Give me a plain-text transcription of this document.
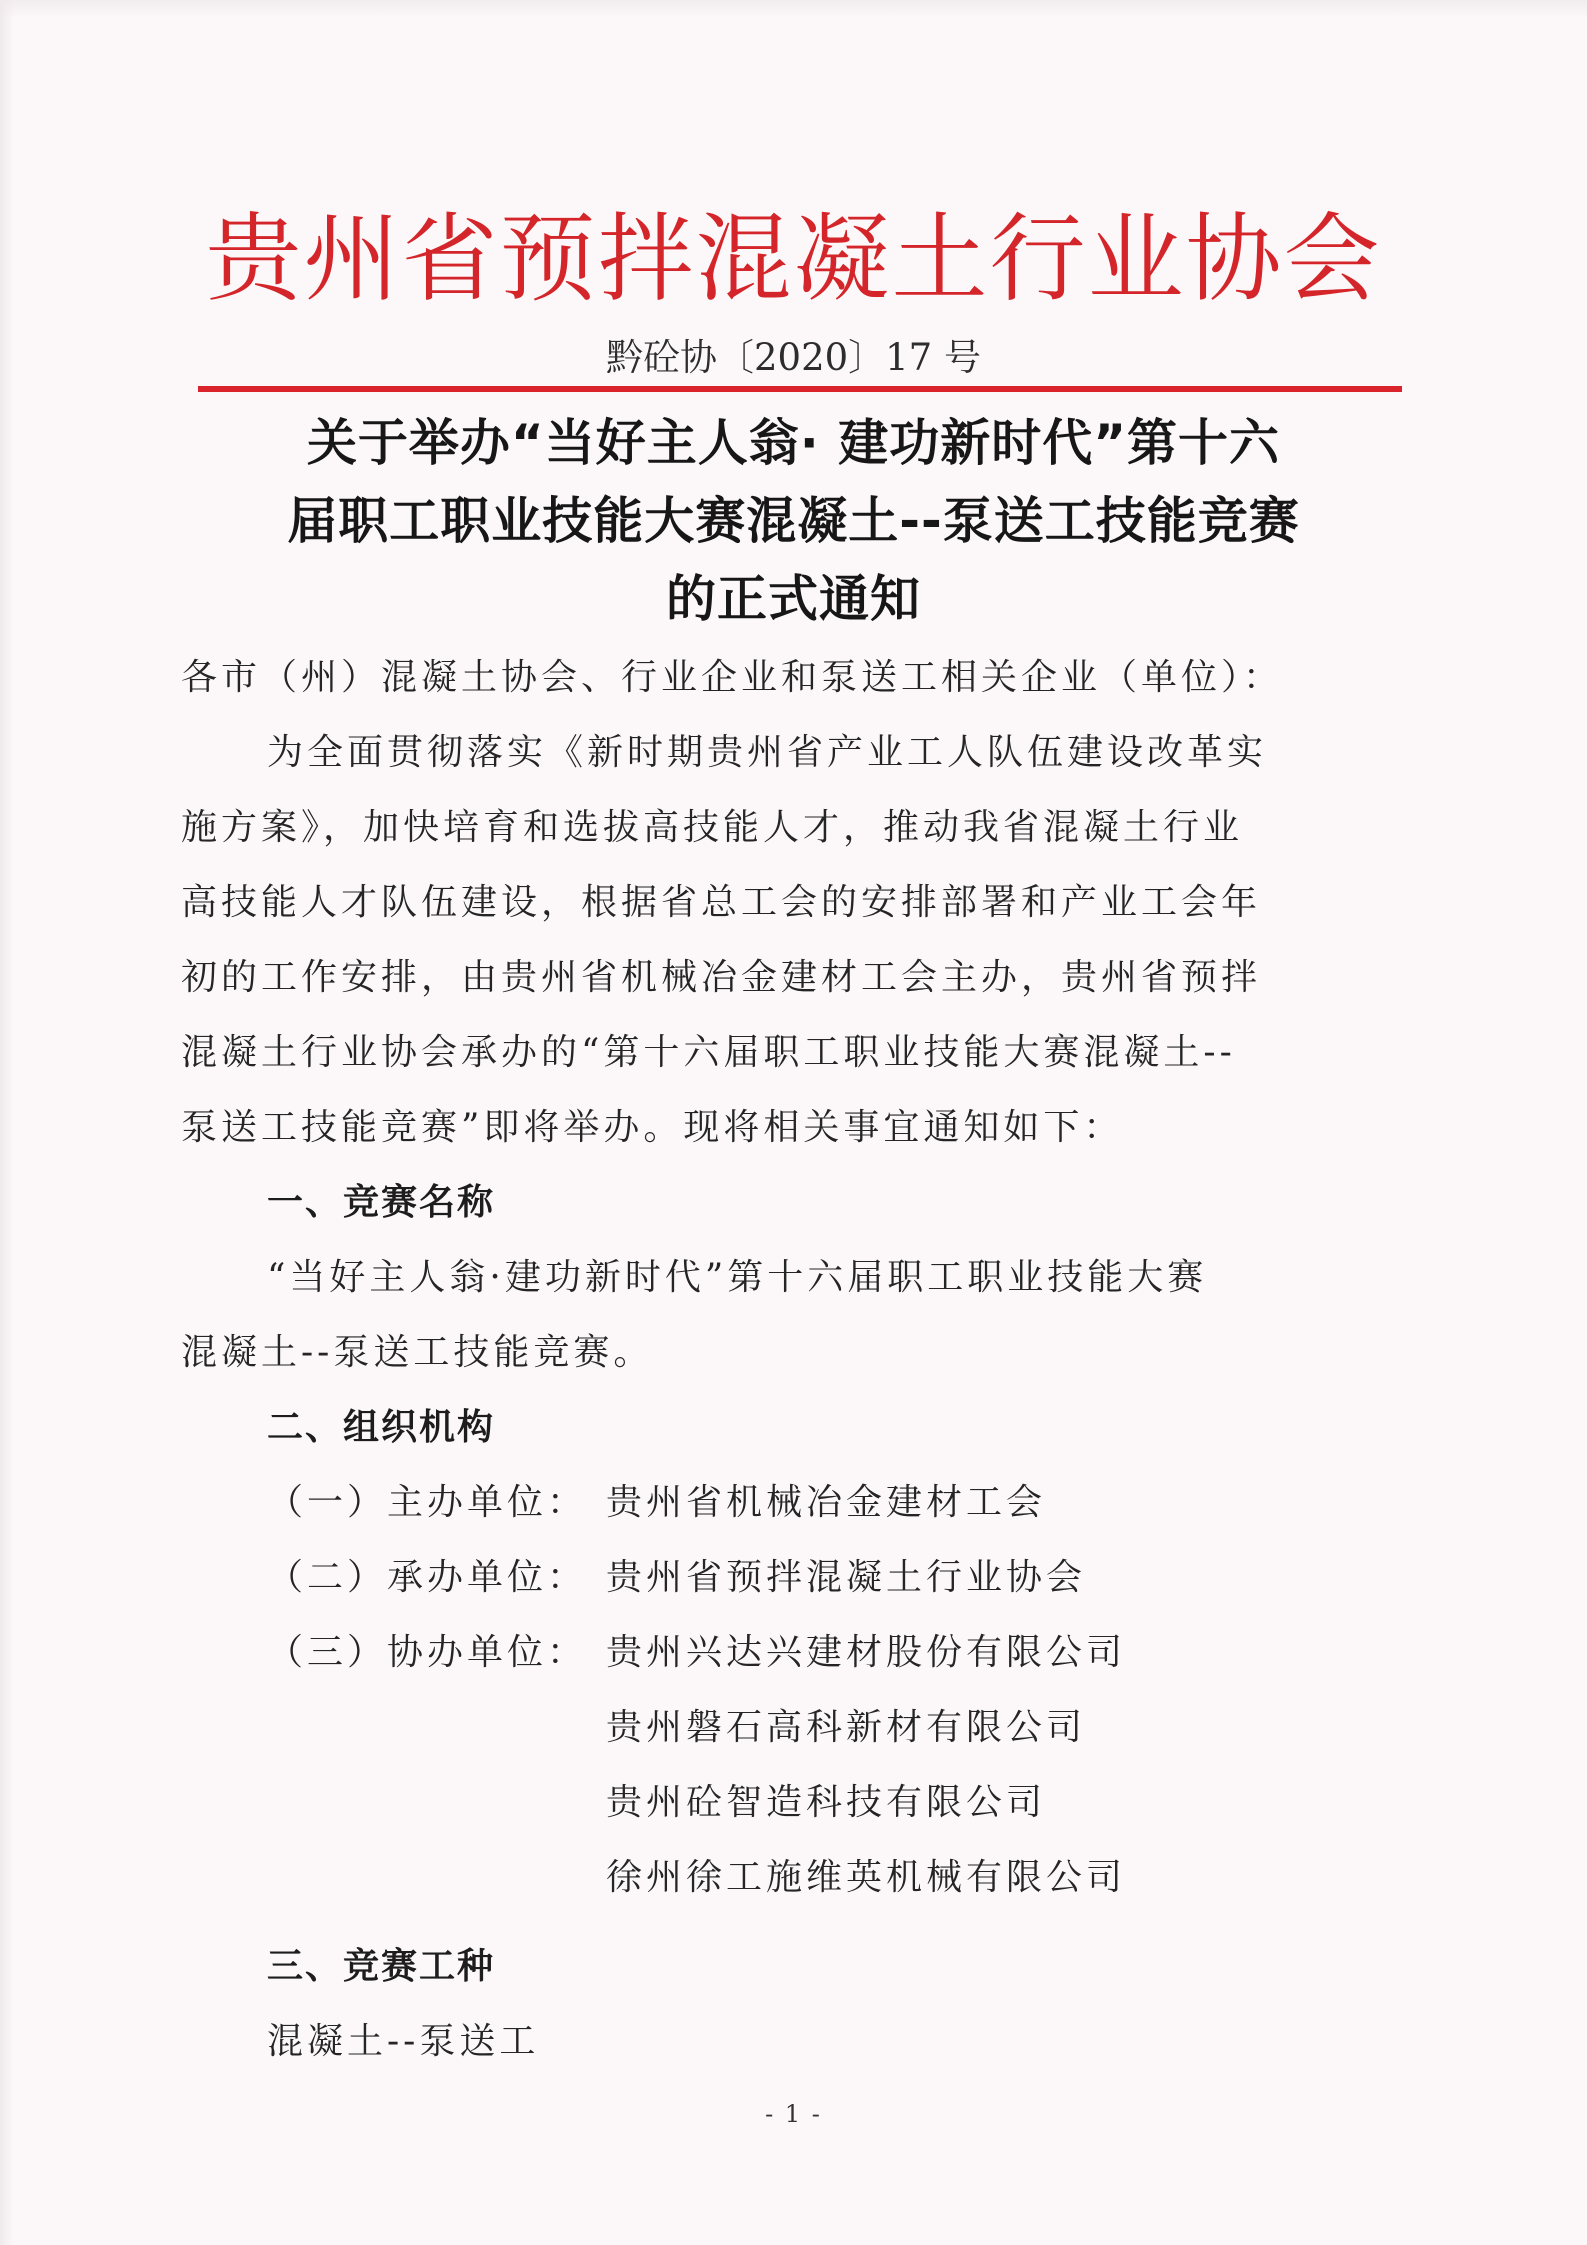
贵州省预拌混凝土行业协会
黔砼协〔2020〕17 号
关于举办“当好主人翁· 建功新时代”第十六
届职工职业技能大赛混凝土--泵送工技能竞赛
的正式通知
各市（州）混凝土协会、行业企业和泵送工相关企业（单位）：
为全面贯彻落实《新时期贵州省产业工人队伍建设改革实
施方案》，加快培育和选拔高技能人才，推动我省混凝土行业
高技能人才队伍建设，根据省总工会的安排部署和产业工会年
初的工作安排，由贵州省机械冶金建材工会主办，贵州省预拌
混凝土行业协会承办的“第十六届职工职业技能大赛混凝土--
泵送工技能竞赛”即将举办。现将相关事宜通知如下：
一、竞赛名称
“当好主人翁·建功新时代”第十六届职工职业技能大赛
混凝土--泵送工技能竞赛。
二、组织机构
（一）主办单位： 贵州省机械冶金建材工会
（二）承办单位： 贵州省预拌混凝土行业协会
（三）协办单位： 贵州兴达兴建材股份有限公司
贵州磐石高科新材有限公司
贵州砼智造科技有限公司
徐州徐工施维英机械有限公司
三、竞赛工种
混凝土--泵送工
- 1 -
